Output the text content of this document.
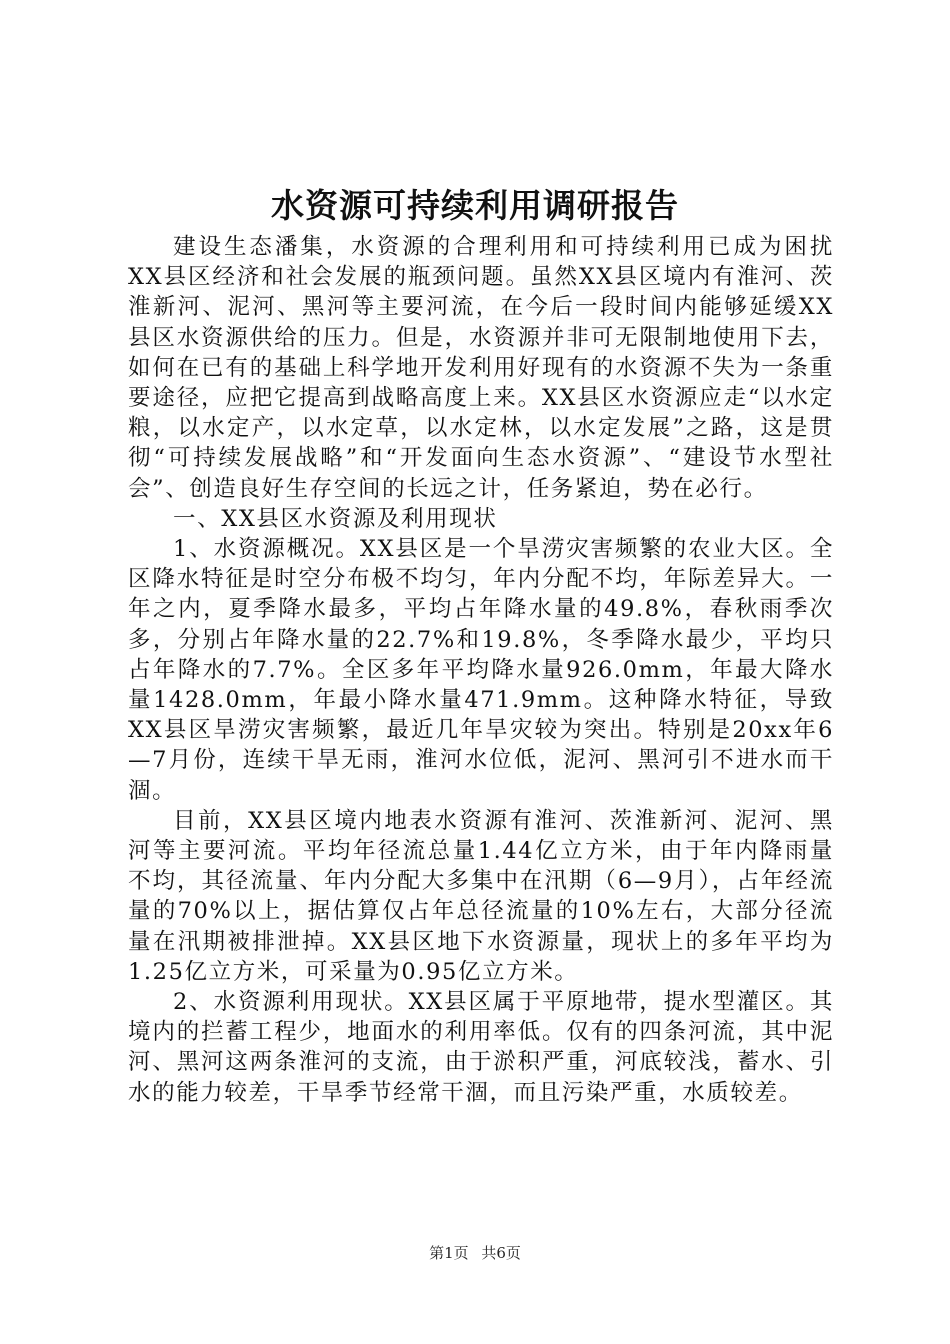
水资源可持续利用调研报告

建设生态潘集，水资源的合理利用和可持续利用已成为困扰XX县区经济和社会发展的瓶颈问题。虽然XX县区境内有淮河、茨淮新河、泥河、黑河等主要河流，在今后一段时间内能够延缓XX县区水资源供给的压力。但是，水资源并非可无限制地使用下去，如何在已有的基础上科学地开发利用好现有的水资源不失为一条重要途径，应把它提高到战略高度上来。XX县区水资源应走“以水定粮，以水定产，以水定草，以水定林，以水定发展”之路，这是贯彻“可持续发展战略”和“开发面向生态水资源”、“建设节水型社会”、创造良好生存空间的长远之计，任务紧迫，势在必行。

一、XX县区水资源及利用现状

1、水资源概况。XX县区是一个旱涝灾害频繁的农业大区。全区降水特征是时空分布极不均匀，年内分配不均，年际差异大。一年之内，夏季降水最多，平均占年降水量的49.8%，春秋雨季次多，分别占年降水量的22.7%和19.8%，冬季降水最少，平均只占年降水的7.7%。全区多年平均降水量926.0mm，年最大降水量1428.0mm，年最小降水量471.9mm。这种降水特征，导致XX县区旱涝灾害频繁，最近几年旱灾较为突出。特别是20xx年6—7月份，连续干旱无雨，淮河水位低，泥河、黑河引不进水而干涸。

目前，XX县区境内地表水资源有淮河、茨淮新河、泥河、黑河等主要河流。平均年径流总量1.44亿立方米，由于年内降雨量不均，其径流量、年内分配大多集中在汛期（6—9月），占年经流量的70%以上，据估算仅占年总径流量的10%左右，大部分径流量在汛期被排泄掉。XX县区地下水资源量，现状上的多年平均为1.25亿立方米，可采量为0.95亿立方米。

2、水资源利用现状。XX县区属于平原地带，提水型灌区。其境内的拦蓄工程少，地面水的利用率低。仅有的四条河流，其中泥河、黑河这两条淮河的支流，由于淤积严重，河底较浅，蓄水、引水的能力较差，干旱季节经常干涸，而且污染严重，水质较差。

第1页 共6页
